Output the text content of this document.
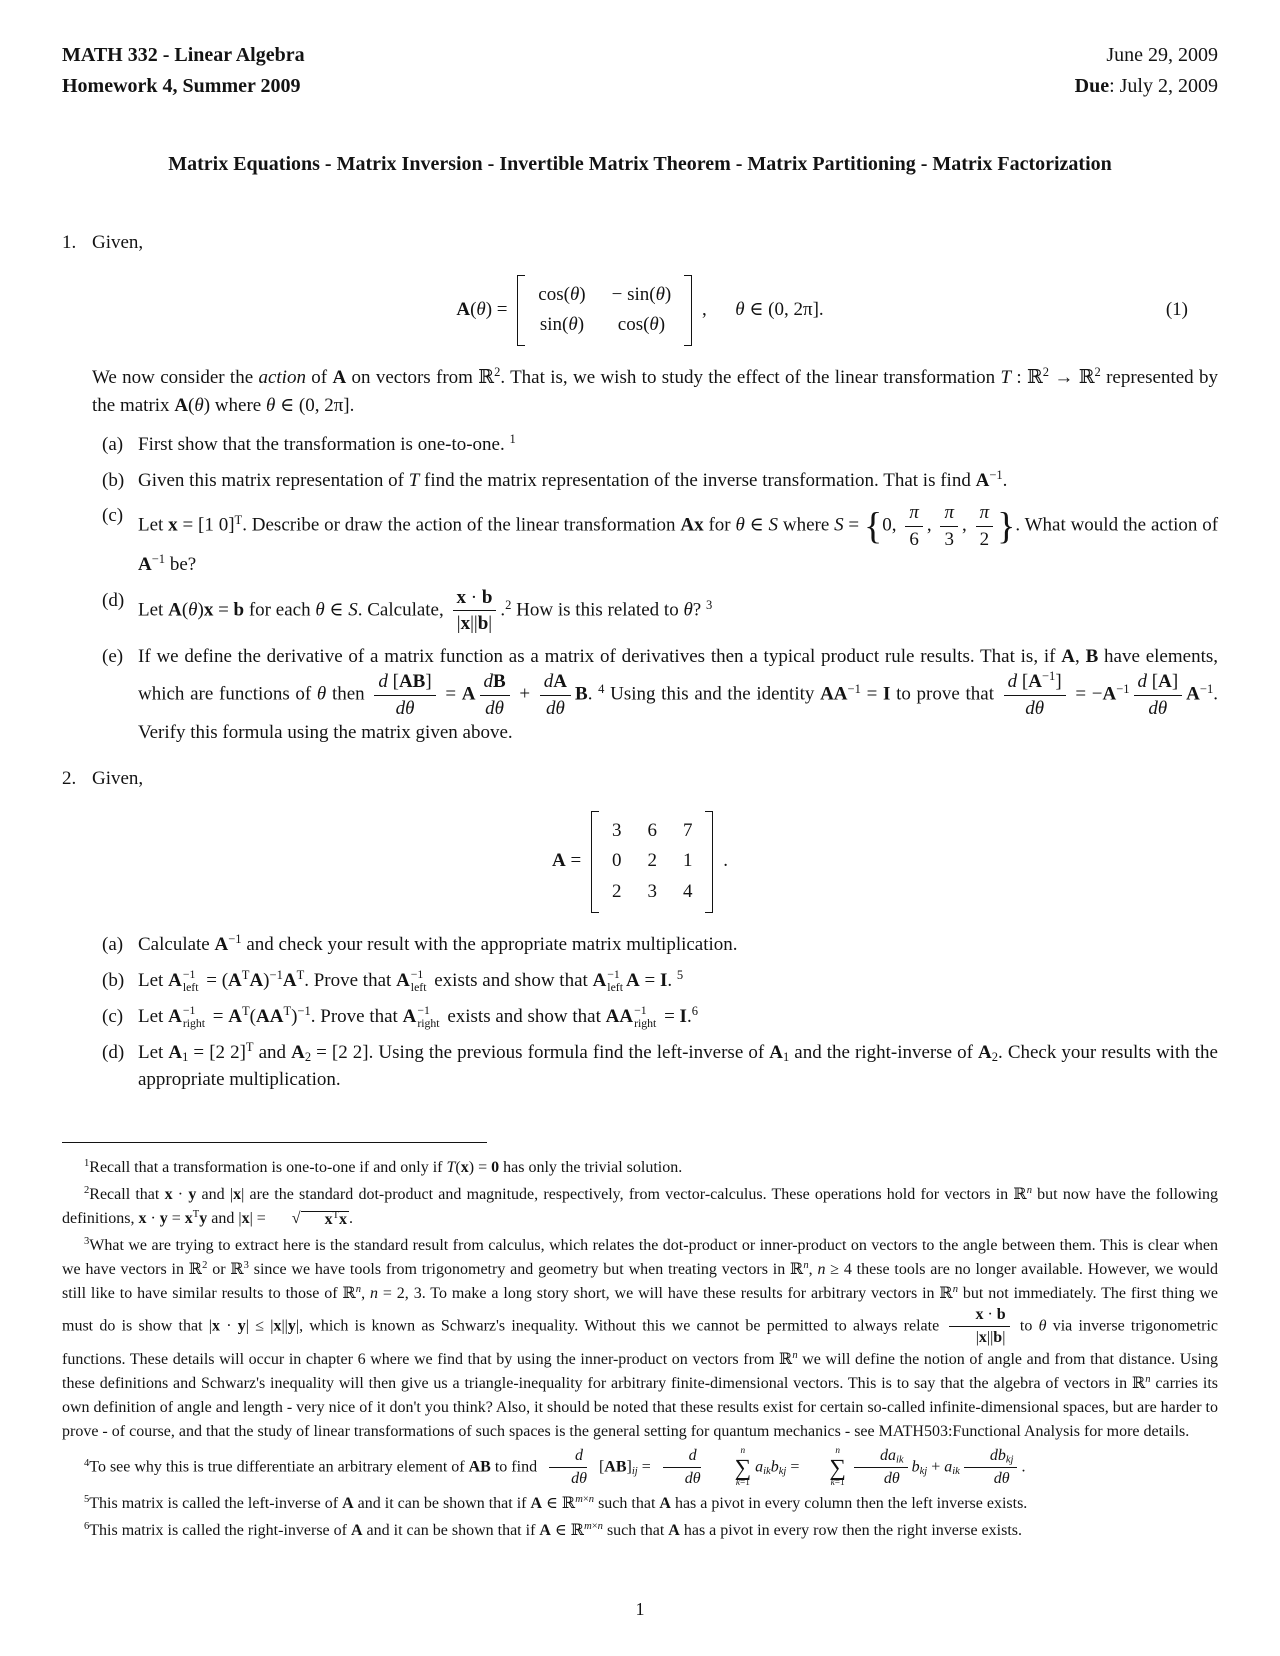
MATH 332 - Linear Algebra
Homework 4, Summer 2009
June 29, 2009
Due: July 2, 2009
Matrix Equations - Matrix Inversion - Invertible Matrix Theorem - Matrix Partitioning - Matrix Factorization
1. Given,
A(θ) =
cos(θ) − sin(θ)
sin(θ) cos(θ)
,      θ ∈ (0, 2π].	(1)

We now consider the action of A on vectors from ℝ$^2$. That is, we wish to study the effect of the linear transformation T : ℝ$^2$ → ℝ$^2$ represented by the matrix A(θ) where θ ∈ (0, 2π].

(a) First show that the transformation is one-to-one. $^1$
(b) Given this matrix representation of T find the matrix representation of the inverse transformation. That is find $A^{-1}$.
(c) Let x = [1 0]$^T$. Describe or draw the action of the linear transformation Ax for θ ∈ S where S = {0, $\frac{\pi}{6}$ , $\frac{\pi}{3}$ , $\frac{\pi}{2}$ }. What would the action of $A^{-1}$ be?
(d) Let A(θ)x = b for each θ ∈ S. Calculate, $\frac{x \cdot b}{|x||b|} .^2$ How is this related to θ? $^3$
(e) If we define the derivative of a matrix function as a matrix of derivatives then a typical product rule results. That is, if A, B have elements, which are functions of θ then $\frac{d [AB]}{d\theta} = A \frac{dB}{d\theta} + \frac{dA}{d\theta} B$. $^4$ Using this and the identity $AA^{-1} = I$ to prove that $\frac{d [A^{-1}]}{d\theta} = -A^{-1} \frac{d [A]}{d\theta} A^{-1}$. Verify this formula using the matrix given above.
2. Given,
A =
3 6 7
0 2 1
2 3 4
.
(a) Calculate $A^{-1}$ and check your result with the appropriate matrix multiplication.
(b) Let A −1
left = $(A^TA)^{-1}A^T$. Prove that A −1
left exists and show that A −1
left A = I. $^5$
(c) Let A −1
right = $A^T(AA^T)^{-1}$. Prove that A −1
right exists and show that AA −1
right = I.$^6$
(d) Let $A_1 = [2$ 2]$^T$ and $A_2 = [2$ 2]. Using the previous formula find the left-inverse of $A_1$ and the right-inverse of $A_2$. Check your results with the appropriate multiplication.

$^1$Recall that a transformation is one-to-one if and only if T(x) = 0 has only the trivial solution.

$^2$Recall that x · y and |x| are the standard dot-product and magnitude, respectively, from vector-calculus. These operations hold for vectors in ℝ$^n$ but now have the following definitions, $x \cdot y = x^Ty$ and |x| =	√	$x^Tx$ .

$^3$What we are trying to extract here is the standard result from calculus, which relates the dot-product or inner-product on vectors to the angle between them. This is clear when we have vectors in ℝ$^2$ or ℝ$^3$ since we have tools from trigonometry and geometry but when treating vectors in ℝ$^n$, n ≥ 4 these tools are no longer available. However, we would still like to have similar results to those of ℝ$^n$, n = 2, 3. To make a long story short, we will have these results for arbitrary vectors in ℝ$^n$ but not immediately. The first thing we must do is show that |x · y| ≤ |x||y|, which is known as Schwarz's inequality. Without this we cannot be permitted to always relate $\frac{x \cdot b}{|x||b|}$ to θ via inverse trigonometric functions. These details will occur in chapter 6 where we find that by using the inner-product on vectors from ℝ$^n$ we will define the notion of angle and from that distance. Using these definitions and Schwarz's inequality will then give us a triangle-inequality for arbitrary finite-dimensional vectors. This is to say that the algebra of vectors in ℝ$^n$ carries its own definition of angle and length - very nice of it don't you think? Also, it should be noted that these results exist for certain so-called infinite-dimensional spaces, but are harder to prove - of course, and that the study of linear transformations of such spaces is the general setting for quantum mechanics - see MATH503:Functional Analysis for more details.

$^4$To see why this is true differentiate an arbitrary element of AB to find $\frac{d}{d\theta} [AB]_{ij} = \frac{d}{d\theta}$	n
∑
k=1
$a_{ik}b_{kj}$ =
n
∑
$k=1 \frac{da_{ik}}{d\theta} b_{kj} + a_{ik} \frac{db_{kj}}{d\theta}$ .

$^5$This matrix is called the left-inverse of A and it can be shown that if A ∈ ℝ$^{m\times n}$ such that A has a pivot in every column then the left inverse exists.

$^6$This matrix is called the right-inverse of A and it can be shown that if A ∈ ℝ$^{m\times n}$ such that A has a pivot in every row then the right inverse exists.

1
